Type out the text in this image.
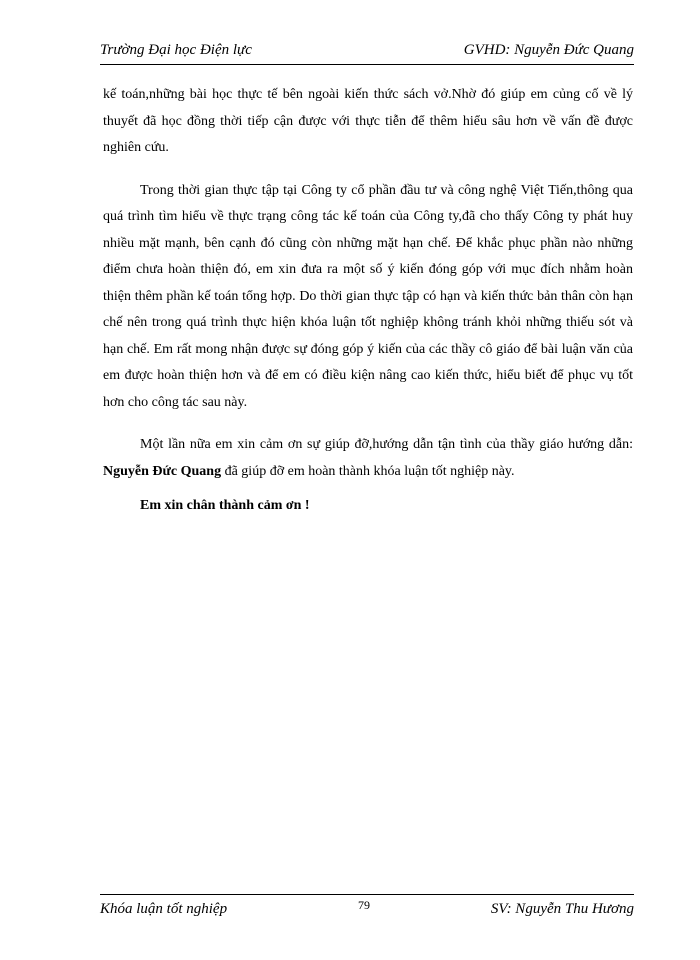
Trường Đại học Điện lực	GVHD: Nguyễn Đức Quang

kế toán,những bài học thực tế bên ngoài kiến thức sách vở.Nhờ đó giúp em củng cố về lý thuyết đã học đồng thời tiếp cận được với thực tiễn để thêm hiểu sâu hơn về vấn đề được nghiên cứu.

Trong thời gian thực tập tại Công ty cổ phần đầu tư và công nghệ Việt Tiến,thông qua quá trình tìm hiểu về thực trạng công tác kế toán của Công ty,đã cho thấy Công ty phát huy nhiều mặt mạnh, bên cạnh đó cũng còn những mặt hạn chế. Để khắc phục phần nào những điểm chưa hoàn thiện đó, em xin đưa ra một số ý kiến đóng góp với mục đích nhằm hoàn thiện thêm phần kế toán tổng hợp. Do thời gian thực tập có hạn và kiến thức bản thân còn hạn chế nên trong quá trình thực hiện khóa luận tốt nghiệp không tránh khỏi những thiếu sót và hạn chế. Em rất mong nhận được sự đóng góp ý kiến của các thầy cô giáo để bài luận văn của em được hoàn thiện hơn và để em có điều kiện nâng cao kiến thức, hiểu biết để phục vụ tốt hơn cho công tác sau này.

Một lần nữa em xin cảm ơn sự giúp đỡ,hướng dẫn tận tình của thầy giáo hướng dẫn: Nguyễn Đức Quang đã giúp đỡ em hoàn thành khóa luận tốt nghiệp này.

Em xin chân thành cảm ơn !

Khóa luận tốt nghiệp	79	SV: Nguyễn Thu Hương
